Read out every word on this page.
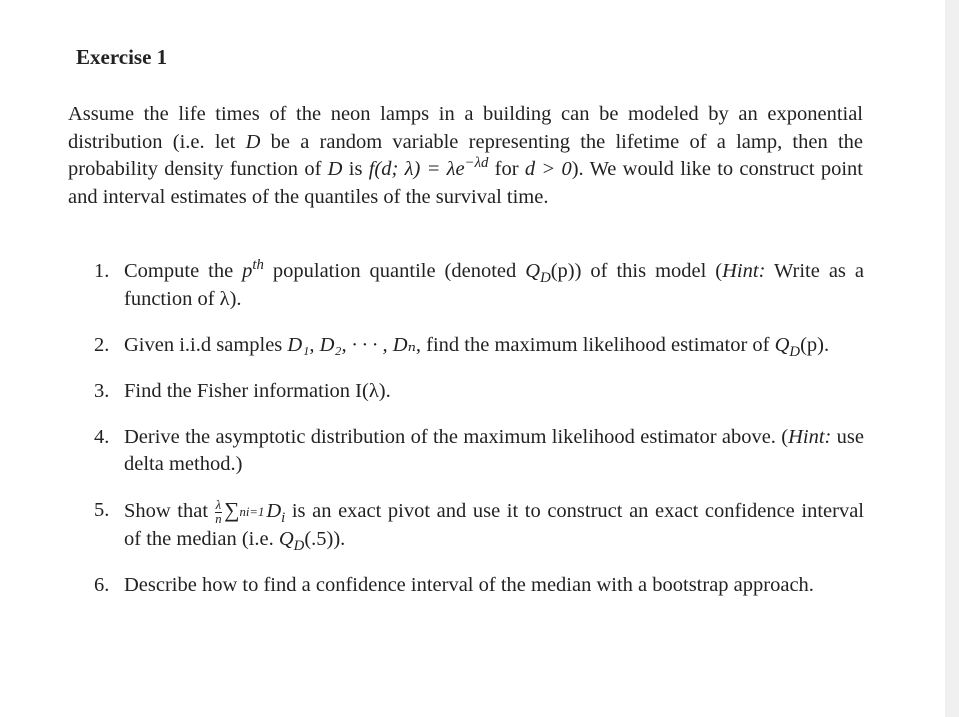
Exercise 1

Assume the life times of the neon lamps in a building can be modeled by an exponential distribution (i.e. let D be a random variable representing the lifetime of a lamp, then the probability density function of D is f(d; $\lambda) = \lambda e^{-\lambda d}$ for d > 0). We would like to construct point and interval estimates of the quantiles of the survival time.

1. Compute the $p^{th}$ population quantile (denoted $Q_D(p)$) of this model (Hint: Write as a function of λ).
2. Given i.i.d samples D₁, D₂, · · · , Dₙ, find the maximum likelihood estimator of $Q_D(p)$.
3. Find the Fisher information I(λ).
4. Derive the asymptotic distribution of the maximum likelihood estimator above. (Hint: use delta method.)
5. Show that $\frac{\lambda}{n} \sum ni=1D_i$ is an exact pivot and use it to construct an exact confidence interval of the median (i.e. $Q_D(.5)$).
6. Describe how to find a confidence interval of the median with a bootstrap approach.
